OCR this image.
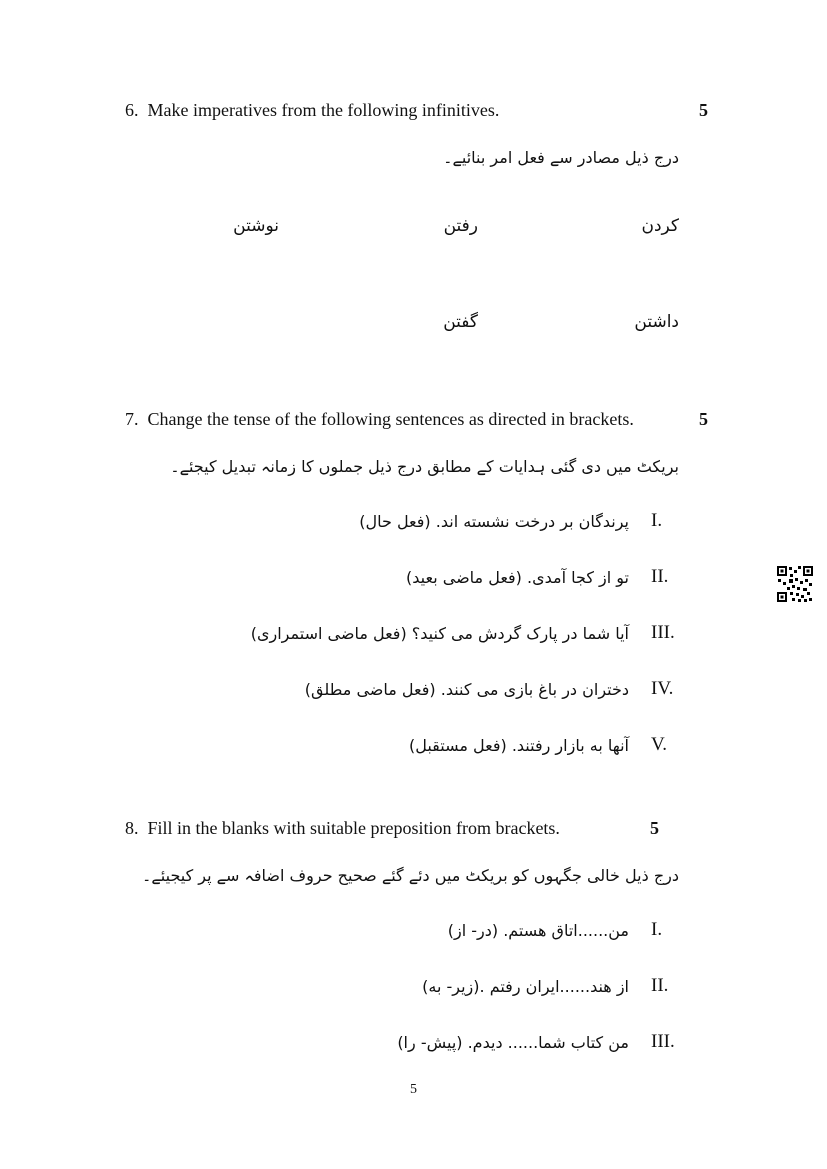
6. Make imperatives from the following infinitives.	5
درج ذیل مصادر سے فعل امر بنائیے۔
کردن
رفتن
نوشتن
داشتن
گفتن
7. Change the tense of the following sentences as directed in brackets.	5
بریکٹ میں دی گئی ہدایات کے مطابق درج ذیل جملوں کا زمانہ تبدیل کیجئے۔
I.
پرندگان بر درخت نشسته اند. (فعل حال)
II.
تو از کجا آمدی. (فعل ماضی بعید)
III.
آیا شما در پارک گردش می کنید؟ (فعل ماضی استمراری)
IV.
دختران در باغ بازی می کنند. (فعل ماضی مطلق)
V.
آنها به بازار رفتند. (فعل مستقبل)
8. Fill in the blanks with suitable preposition from brackets.	5
درج ذیل خالی جگہوں کو بریکٹ میں دئے گئے صحیح حروف اضافہ سے پر کیجیئے۔
I.
من......اتاق هستم. (در- از)
II.
از هند......ایران رفتم .(زیر- به)
III.
من کتاب شما...... دیدم. (پیش- را)
5
